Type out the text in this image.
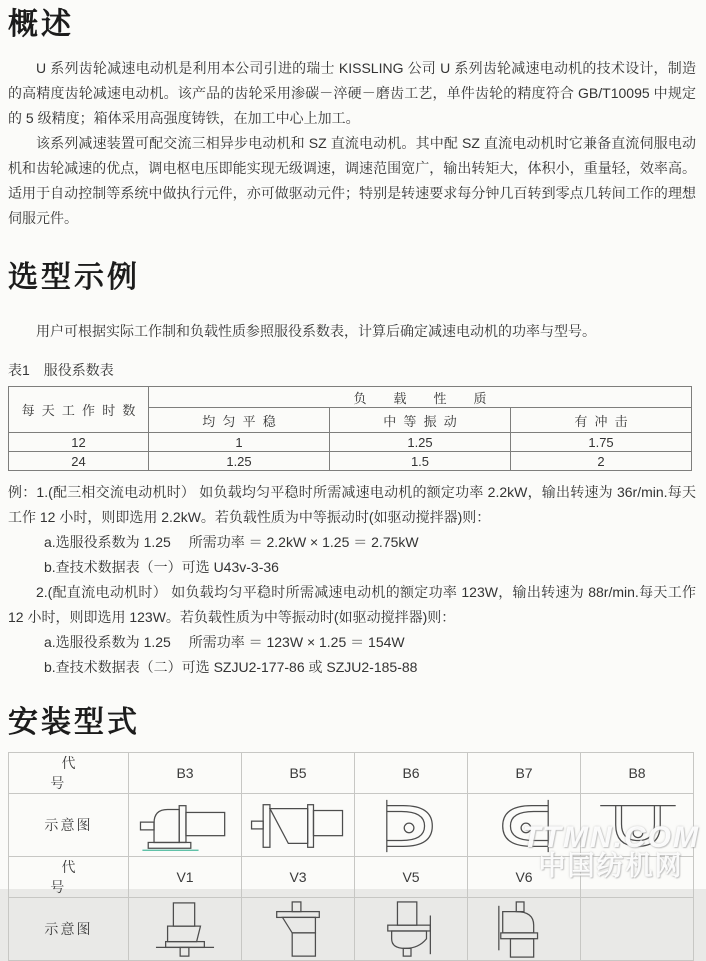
概述

U 系列齿轮减速电动机是利用本公司引进的瑞士 KISSLING 公司 U 系列齿轮减速电动机的技术设计，制造的高精度齿轮减速电动机。该产品的齿轮采用渗碳－淬硬－磨齿工艺，单件齿轮的精度符合 GB/T10095 中规定的 5 级精度；箱体采用高强度铸铁，在加工中心上加工。

该系列减速装置可配交流三相异步电动机和 SZ 直流电动机。其中配 SZ 直流电动机时它兼备直流伺服电动机和齿轮减速的优点，调电枢电压即能实现无级调速，调速范围宽广，输出转矩大，体积小，重量轻，效率高。适用于自动控制等系统中做执行元件，亦可做驱动元件；特别是转速要求每分钟几百转到零点几转间工作的理想伺服元件。

选型示例

用户可根据实际工作制和负载性质参照服役系数表，计算后确定减速电动机的功率与型号。

表1　服役系数表

每天工作时数	负 载 性 质		
	均匀平稳	中等振动	有冲击
12	1	1.25	1.75
24	1.25	1.5	2

例：1.(配三相交流电动机时） 如负载均匀平稳时所需减速电动机的额定功率 2.2kW，输出转速为 36r/min.每天工作 12 小时，则即选用 2.2kW。若负载性质为中等振动时(如驱动搅拌器)则：

a.选服役系数为 1.25　 所需功率 ＝ 2.2kW × 1.25 ＝ 2.75kW

b.查技术数据表（一）可选 U43v-3-36

2.(配直流电动机时） 如负载均匀平稳时所需减速电动机的额定功率 123W，输出转速为 88r/min.每天工作 12 小时，则即选用 123W。若负载性质为中等振动时(如驱动搅拌器)则：

a.选服役系数为 1.25　 所需功率 ＝ 123W × 1.25 ＝ 154W

b.查技术数据表（二）可选 SZJU2-177-86 或 SZJU2-185-88

安装型式
代　号	B3	B5	B6	B7	B8
示意图	

代　号	V1	V3	V5	V6	
示意图	

TTMN.COM
中国纺机网
